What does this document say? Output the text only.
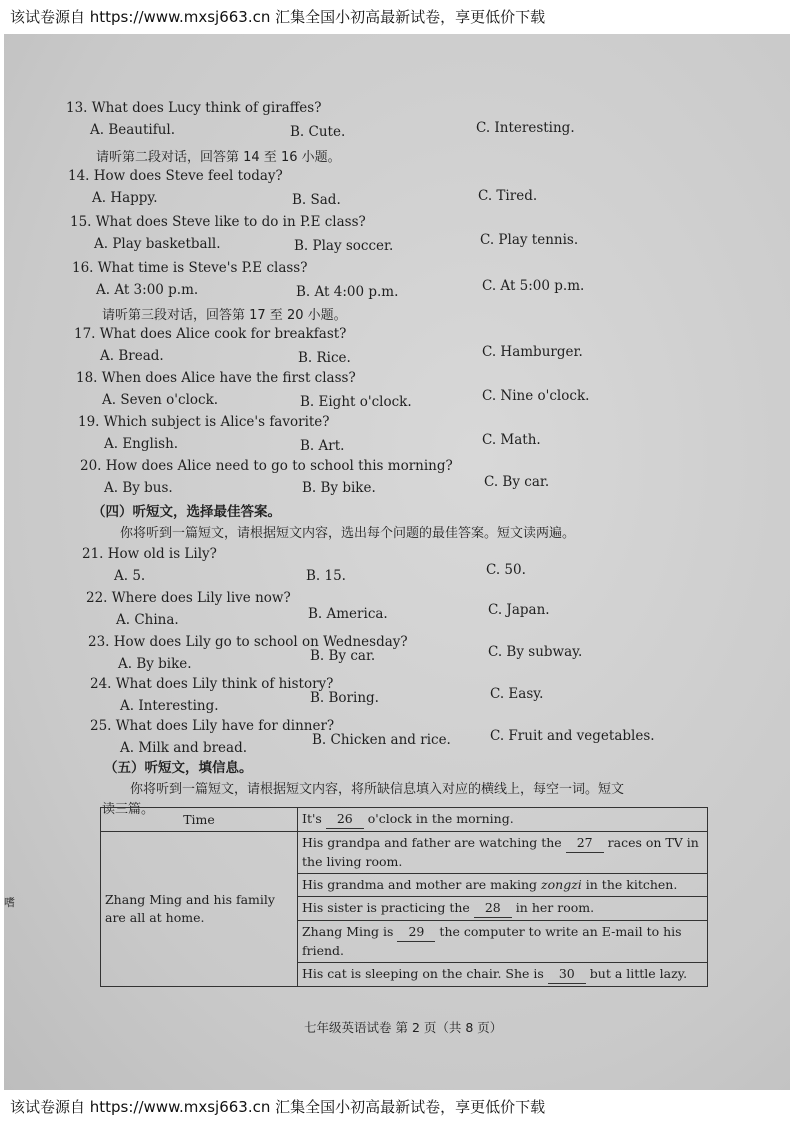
该试卷源自 https://www.mxsj663.cn 汇集全国小初高最新试卷，享更低价下载
13. What does Lucy think of giraffes?
A. Beautiful.	B. Cute.	C. Interesting.
请听第二段对话，回答第 14 至 16 小题。
14. How does Steve feel today?
A. Happy.	B. Sad.	C. Tired.
15. What does Steve like to do in P.E class?
A. Play basketball.	B. Play soccer.	C. Play tennis.
16. What time is Steve's P.E class?
A. At 3:00 p.m.	B. At 4:00 p.m.	C. At 5:00 p.m.
请听第三段对话，回答第 17 至 20 小题。
17. What does Alice cook for breakfast?
A. Bread.	B. Rice.	C. Hamburger.
18. When does Alice have the first class?
A. Seven o'clock.	B. Eight o'clock.	C. Nine o'clock.
19. Which subject is Alice's favorite?
A. English.	B. Art.	C. Math.
20. How does Alice need to go to school this morning?
A. By bus.	B. By bike.	C. By car.
（四）听短文，选择最佳答案。
你将听到一篇短文，请根据短文内容，选出每个问题的最佳答案。短文读两遍。
21. How old is Lily?
A. 5.	B. 15.	C. 50.
22. Where does Lily live now?
A. China.	B. America.	C. Japan.
23. How does Lily go to school on Wednesday?
A. By bike.	B. By car.	C. By subway.
24. What does Lily think of history?
A. Interesting.	B. Boring.	C. Easy.
25. What does Lily have for dinner?
A. Milk and bread.	B. Chicken and rice.	C. Fruit and vegetables.
（五）听短文，填信息。
你将听到一篇短文，请根据短文内容，将所缺信息填入对应的横线上，每空一词。短文
读三篇。
嗜
Time	It's 26 o'clock in the morning.
Zhang Ming and his family are all at home.	His grandpa and father are watching the 27 races on TV in the living room.
	His grandma and mother are making zongzi in the kitchen.
	His sister is practicing the 28 in her room.
	Zhang Ming is 29 the computer to write an E-mail to his friend.
	His cat is sleeping on the chair. She is 30 but a little lazy.
七年级英语试卷 第 2 页（共 8 页）
该试卷源自 https://www.mxsj663.cn 汇集全国小初高最新试卷，享更低价下载
